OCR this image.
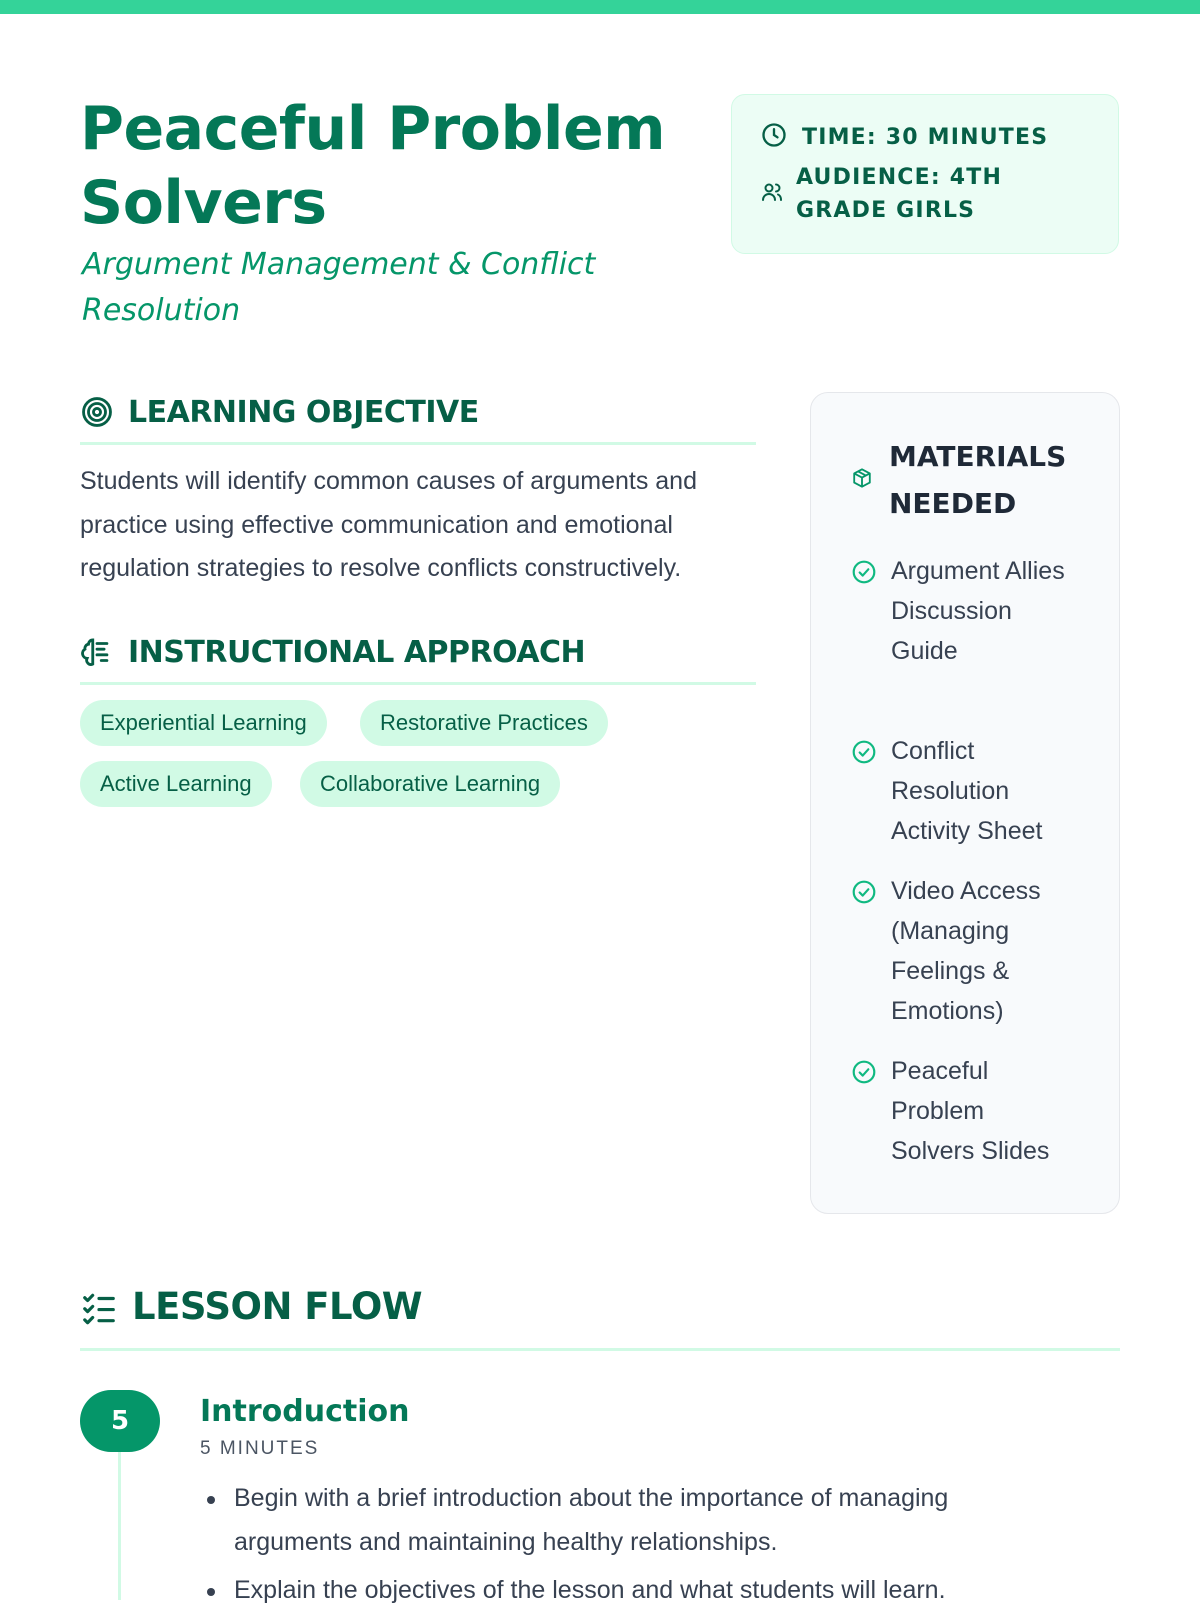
Peaceful Problem Solvers
Argument Management & Conflict Resolution
TIME: 30 MINUTES
AUDIENCE: 4TH GRADE GIRLS
LEARNING OBJECTIVE
Students will identify common causes of arguments and practice using effective communication and emotional regulation strategies to resolve conflicts constructively.
INSTRUCTIONAL APPROACH
Experiential Learning	Restorative Practices
Active Learning	Collaborative Learning
MATERIALS NEEDED
Argument Allies Discussion Guide
Conflict Resolution Activity Sheet
Video Access (Managing Feelings & Emotions)
Peaceful Problem Solvers Slides
LESSON FLOW
5	Introduction
5 MINUTES
Begin with a brief introduction about the importance of managing arguments and maintaining healthy relationships.
Explain the objectives of the lesson and what students will learn.
